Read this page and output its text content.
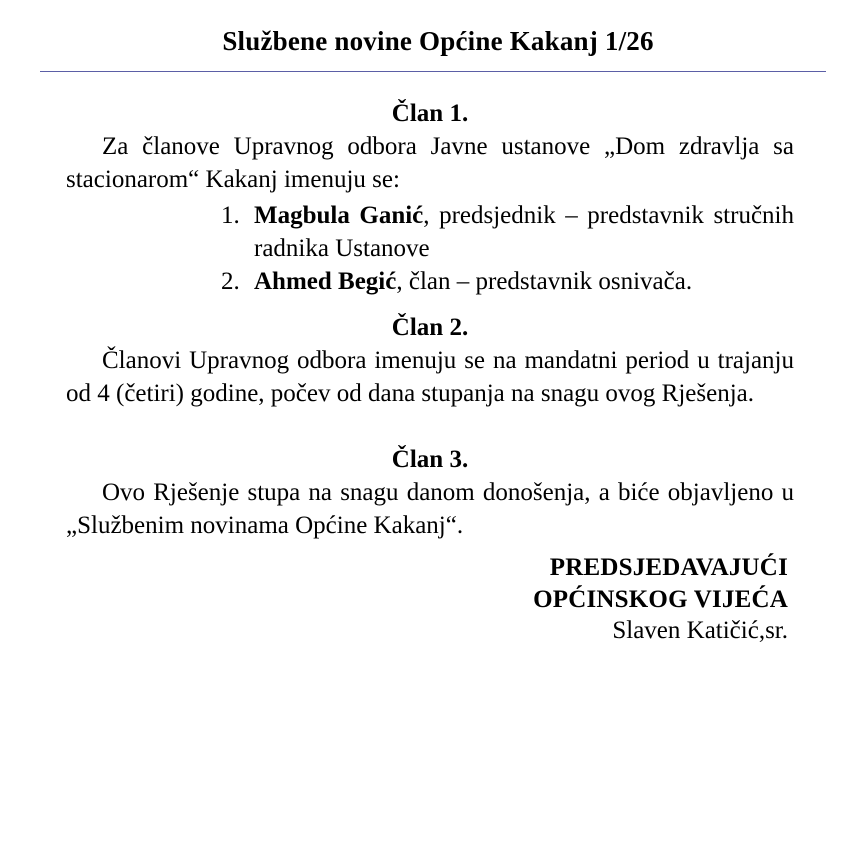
Službene novine Općine Kakanj 1/26
Član 1.

Za članove Upravnog odbora Javne ustanove „Dom zdravlja sa stacionarom“ Kakanj imenuju se:

1. Magbula Ganić, predsjednik – predstavnik stručnih radnika Ustanove
2. Ahmed Begić, član – predstavnik osnivača.
Član 2.

Članovi Upravnog odbora imenuju se na mandatni period u trajanju od 4 (četiri) godine, počev od dana stupanja na snagu ovog Rješenja.

Član 3.

Ovo Rješenje stupa na snagu danom donošenja, a biće objavljeno u „Službenim novinama Općine Kakanj“.

PREDSJEDAVAJUĆI
OPĆINSKOG VIJEĆA
Slaven Katičić,sr.
